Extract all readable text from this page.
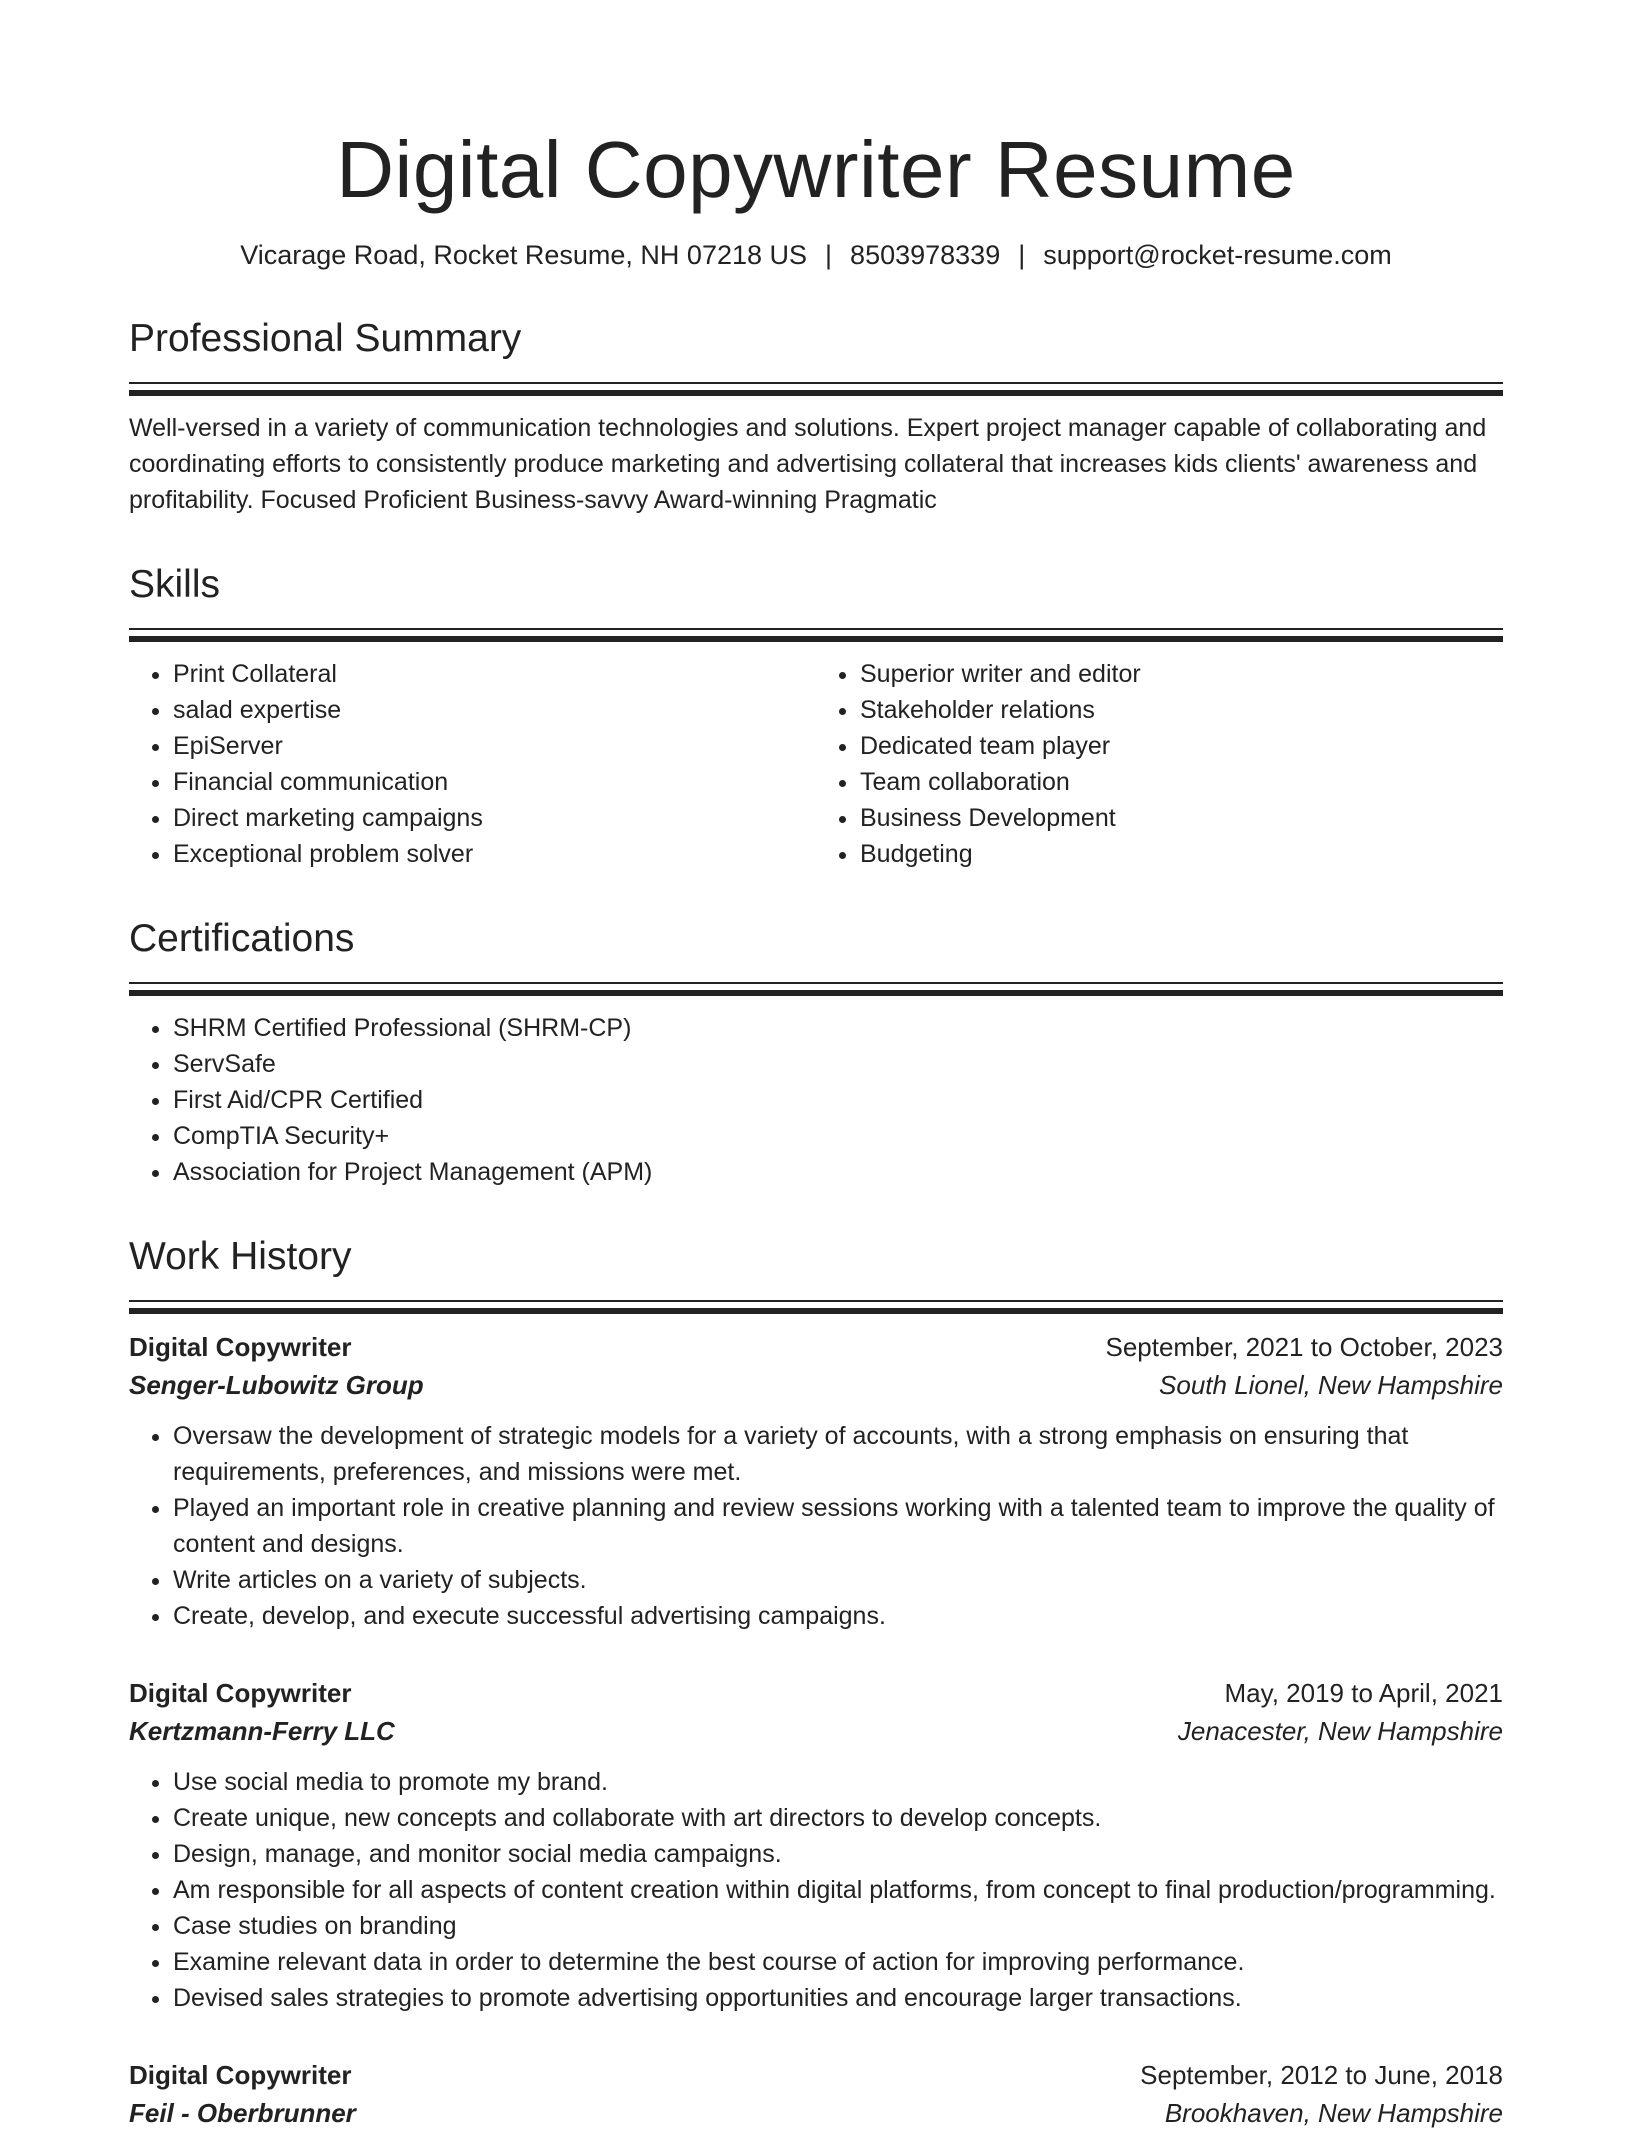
Digital Copywriter Resume
Vicarage Road, Rocket Resume, NH 07218 US | 8503978339 | support@rocket-resume.com
Professional Summary

Well-versed in a variety of communication technologies and solutions. Expert project manager capable of collaborating and coordinating efforts to consistently produce marketing and advertising collateral that increases kids clients' awareness and profitability. Focused Proficient Business-savvy Award-winning Pragmatic

Skills
• Print Collateral
• salad expertise
• EpiServer
• Financial communication
• Direct marketing campaigns
• Exceptional problem solver
• Superior writer and editor
• Stakeholder relations
• Dedicated team player
• Team collaboration
• Business Development
• Budgeting
Certifications
• SHRM Certified Professional (SHRM-CP)
• ServSafe
• First Aid/CPR Certified
• CompTIA Security+
• Association for Project Management (APM)
Work History
Digital Copywriter	September, 2021 to October, 2023
Senger-Lubowitz Group	South Lionel, New Hampshire
• Oversaw the development of strategic models for a variety of accounts, with a strong emphasis on ensuring that requirements, preferences, and missions were met.
• Played an important role in creative planning and review sessions working with a talented team to improve the quality of content and designs.
• Write articles on a variety of subjects.
• Create, develop, and execute successful advertising campaigns.
Digital Copywriter	May, 2019 to April, 2021
Kertzmann-Ferry LLC	Jenacester, New Hampshire
• Use social media to promote my brand.
• Create unique, new concepts and collaborate with art directors to develop concepts.
• Design, manage, and monitor social media campaigns.
• Am responsible for all aspects of content creation within digital platforms, from concept to final production/programming.
• Case studies on branding
• Examine relevant data in order to determine the best course of action for improving performance.
• Devised sales strategies to promote advertising opportunities and encourage larger transactions.
Digital Copywriter	September, 2012 to June, 2018
Feil - Oberbrunner	Brookhaven, New Hampshire
